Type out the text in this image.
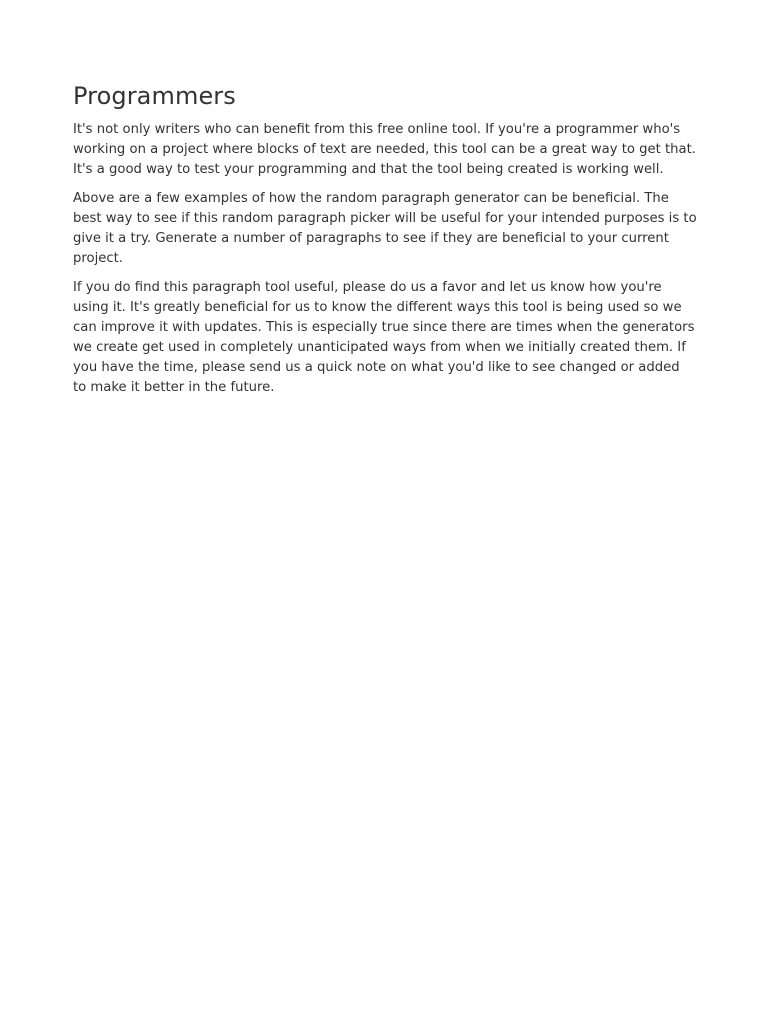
Programmers

It's not only writers who can benefit from this free online tool. If you're a programmer who's working on a project where blocks of text are needed, this tool can be a great way to get that. It's a good way to test your programming and that the tool being created is working well.

Above are a few examples of how the random paragraph generator can be beneficial. The best way to see if this random paragraph picker will be useful for your intended purposes is to give it a try. Generate a number of paragraphs to see if they are beneficial to your current project.

If you do find this paragraph tool useful, please do us a favor and let us know how you're using it. It's greatly beneficial for us to know the different ways this tool is being used so we can improve it with updates. This is especially true since there are times when the generators we create get used in completely unanticipated ways from when we initially created them. If you have the time, please send us a quick note on what you'd like to see changed or added to make it better in the future.
